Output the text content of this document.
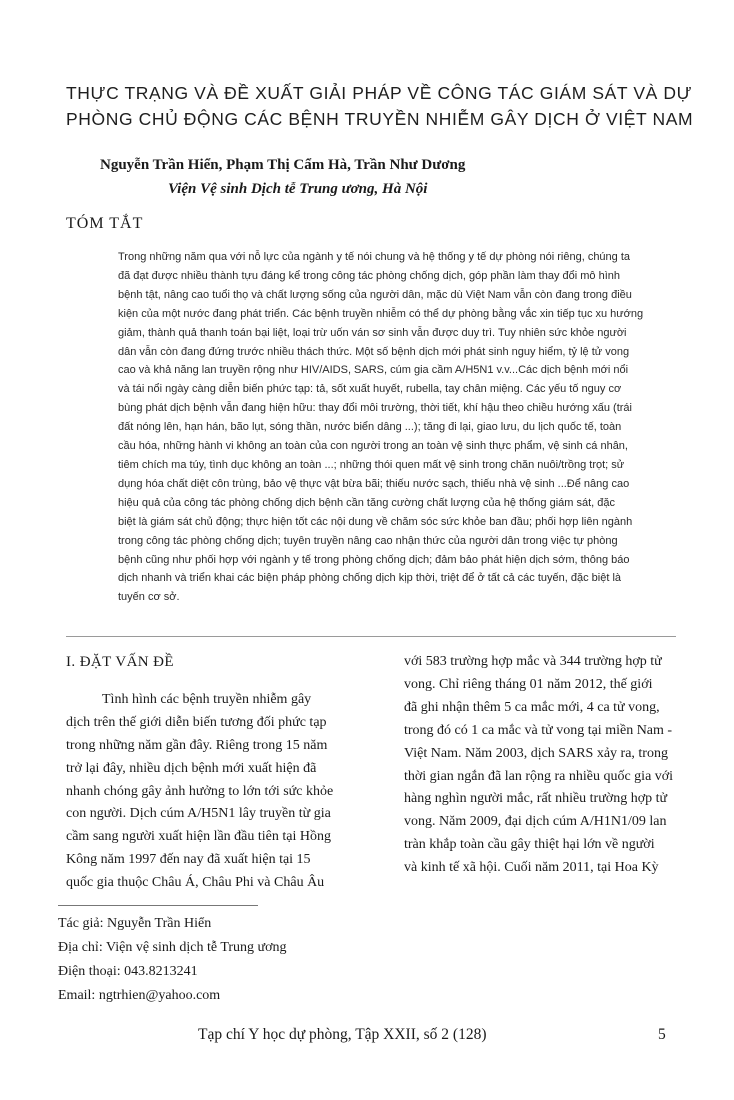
THỰC TRẠNG VÀ ĐỀ XUẤT GIẢI PHÁP VỀ CÔNG TÁC GIÁM SÁT VÀ DỰ
PHÒNG CHỦ ĐỘNG CÁC BỆNH TRUYỀN NHIỄM GÂY DỊCH Ở VIỆT NAM
Nguyễn Trần Hiển, Phạm Thị Cẩm Hà, Trần Như Dương
Viện Vệ sinh Dịch tễ Trung ương, Hà Nội
TÓM TẮT
Trong những năm qua với nỗ lực của ngành y tế nói chung và hệ thống y tế dự phòng nói riêng, chúng ta
đã đạt được nhiều thành tựu đáng kể trong công tác phòng chống dịch, góp phần làm thay đổi mô hình
bệnh tật, nâng cao tuổi thọ và chất lượng sống của người dân, mặc dù Việt Nam vẫn còn đang trong điều
kiện của một nước đang phát triển. Các bệnh truyền nhiễm có thể dự phòng bằng vắc xin tiếp tục xu hướng
giảm, thành quả thanh toán bại liệt, loại trừ uốn ván sơ sinh vẫn được duy trì. Tuy nhiên sức khỏe người
dân vẫn còn đang đứng trước nhiều thách thức. Một số bệnh dịch mới phát sinh nguy hiểm, tỷ lệ tử vong
cao và khả năng lan truyền rộng như HIV/AIDS, SARS, cúm gia cầm A/H5N1 v.v...Các dịch bệnh mới nổi
và tái nổi ngày càng diễn biến phức tạp: tả, sốt xuất huyết, rubella, tay chân miệng. Các yếu tố nguy cơ
bùng phát dịch bệnh vẫn đang hiện hữu: thay đổi môi trường, thời tiết, khí hậu theo chiều hướng xấu (trái
đất nóng lên, hạn hán, bão lụt, sóng thần, nước biển dâng ...); tăng đi lại, giao lưu, du lịch quốc tế, toàn
cầu hóa, những hành vi không an toàn của con người trong an toàn vệ sinh thực phẩm, vệ sinh cá nhân,
tiêm chích ma túy, tình dục không an toàn ...; những thói quen mất vệ sinh trong chăn nuôi/trồng trọt; sử
dụng hóa chất diệt côn trùng, bảo vệ thực vật bừa bãi; thiếu nước sạch, thiếu nhà vệ sinh ...Để nâng cao
hiệu quả của công tác phòng chống dịch bệnh cần tăng cường chất lượng của hệ thống giám sát, đặc
biệt là giám sát chủ động; thực hiện tốt các nội dung về chăm sóc sức khỏe ban đầu; phối hợp liên ngành
trong công tác phòng chống dịch; tuyên truyền nâng cao nhận thức của người dân trong việc tự phòng
bệnh cũng như phối hợp với ngành y tế trong phòng chống dịch; đảm bảo phát hiện dịch sớm, thông báo
dịch nhanh và triển khai các biện pháp phòng chống dịch kịp thời, triệt để ở tất cả các tuyến, đặc biệt là
tuyến cơ sở.
I. ĐẶT VẤN ĐỀ
Tình hình các bệnh truyền nhiễm gây
dịch trên thế giới diễn biến tương đối phức tạp
trong những năm gần đây. Riêng trong 15 năm
trở lại đây, nhiều dịch bệnh mới xuất hiện đã
nhanh chóng gây ảnh hưởng to lớn tới sức khỏe
con người. Dịch cúm A/H5N1 lây truyền từ gia
cầm sang người xuất hiện lần đầu tiên tại Hồng
Kông năm 1997 đến nay đã xuất hiện tại 15
quốc gia thuộc Châu Á, Châu Phi và Châu Âu
với 583 trường hợp mắc và 344 trường hợp tử
vong. Chỉ riêng tháng 01 năm 2012, thế giới
đã ghi nhận thêm 5 ca mắc mới, 4 ca tử vong,
trong đó có 1 ca mắc và tử vong tại miền Nam -
Việt Nam. Năm 2003, dịch SARS xảy ra, trong
thời gian ngắn đã lan rộng ra nhiều quốc gia với
hàng nghìn người mắc, rất nhiều trường hợp tử
vong. Năm 2009, đại dịch cúm A/H1N1/09 lan
tràn khắp toàn cầu gây thiệt hại lớn về người
và kinh tế xã hội. Cuối năm 2011, tại Hoa Kỳ
Tác giả: Nguyễn Trần Hiển
Địa chỉ: Viện vệ sinh dịch tễ Trung ương
Điện thoại: 043.8213241
Email: ngtrhien@yahoo.com
Tạp chí Y học dự phòng, Tập XXII, số 2 (128)	5
